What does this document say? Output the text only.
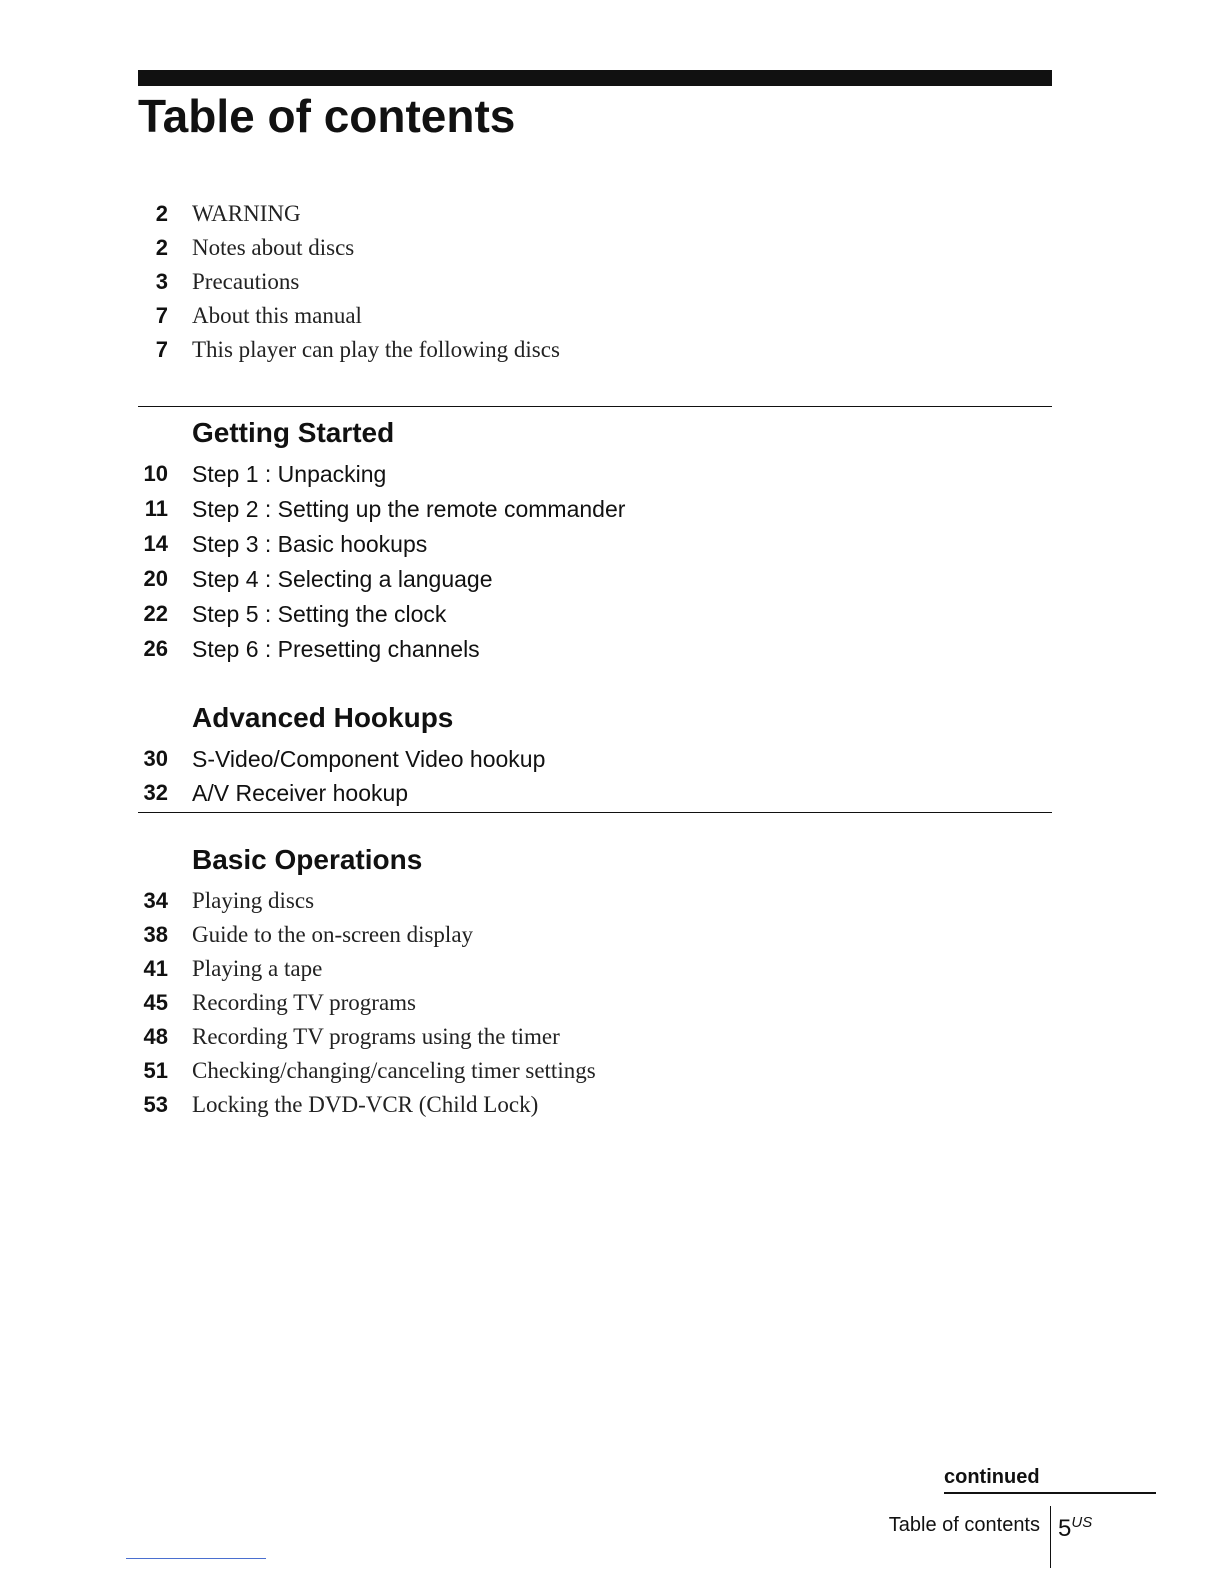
Table of contents
2 WARNING
2 Notes about discs
3 Precautions
7 About this manual
7 This player can play the following discs
Getting Started
10 Step 1 : Unpacking
11 Step 2 : Setting up the remote commander
14 Step 3 : Basic hookups
20 Step 4 : Selecting a language
22 Step 5 : Setting the clock
26 Step 6 : Presetting channels
Advanced Hookups
30 S-Video/Component Video hookup
32 A/V Receiver hookup
Basic Operations
34 Playing discs
38 Guide to the on-screen display
41 Playing a tape
45 Recording TV programs
48 Recording TV programs using the timer
51 Checking/changing/canceling timer settings
53 Locking the DVD-VCR (Child Lock)
continued
Table of contents $5^{US}$
